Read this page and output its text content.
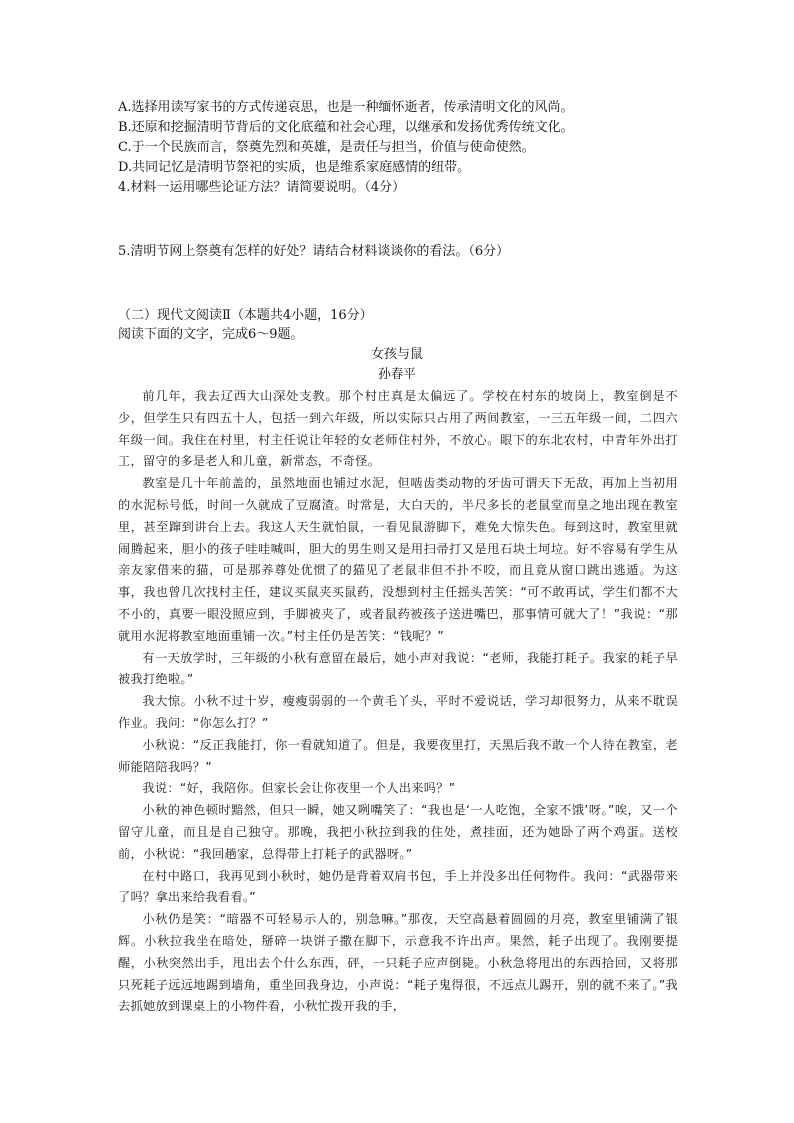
A.选择用读写家书的方式传递哀思，也是一种缅怀逝者，传承清明文化的风尚。
B.还原和挖掘清明节背后的文化底蕴和社会心理，以继承和发扬优秀传统文化。
C.于一个民族而言，祭奠先烈和英雄，是责任与担当，价值与使命使然。
D.共同记忆是清明节祭祀的实质，也是维系家庭感情的纽带。
4.材料一运用哪些论证方法？请简要说明。（4分）
5.清明节网上祭奠有怎样的好处？请结合材料谈谈你的看法。（6分）
（二）现代文阅读Ⅱ（本题共4小题，16分）
阅读下面的文字，完成6～9题。
女孩与鼠
孙春平

前几年，我去辽西大山深处支教。那个村庄真是太偏远了。学校在村东的坡岗上，教室倒是不少，但学生只有四五十人，包括一到六年级，所以实际只占用了两间教室，一三五年级一间，二四六年级一间。我住在村里，村主任说让年轻的女老师住村外，不放心。眼下的东北农村，中青年外出打工，留守的多是老人和儿童，新常态，不奇怪。

教室是几十年前盖的，虽然地面也铺过水泥，但啮齿类动物的牙齿可谓天下无敌，再加上当初用的水泥标号低，时间一久就成了豆腐渣。时常是，大白天的，半尺多长的老鼠堂而皇之地出现在教室里，甚至蹿到讲台上去。我这人天生就怕鼠，一看见鼠游脚下，难免大惊失色。每到这时，教室里就闹腾起来，胆小的孩子哇哇喊叫，胆大的男生则又是用扫帚打又是甩石块土坷垃。好不容易有学生从亲友家借来的猫，可是那养尊处优惯了的猫见了老鼠非但不扑不咬，而且竟从窗口跳出逃遁。为这事，我也曾几次找村主任，建议买鼠夹买鼠药，没想到村主任摇头苦笑：“可不敢再试，学生们都不大不小的，真要一眼没照应到，手脚被夹了，或者鼠药被孩子送进嘴巴，那事情可就大了！”我说：“那就用水泥将教室地面重铺一次。”村主任仍是苦笑：“钱呢？”

有一天放学时，三年级的小秋有意留在最后，她小声对我说：“老师，我能打耗子。我家的耗子早被我打绝啦。”

我大惊。小秋不过十岁，瘦瘦弱弱的一个黄毛丫头，平时不爱说话，学习却很努力，从来不耽误作业。我问：“你怎么打？”

小秋说：“反正我能打，你一看就知道了。但是，我要夜里打，天黑后我不敢一个人待在教室，老师能陪陪我吗？”

我说：“好，我陪你。但家长会让你夜里一个人出来吗？”

小秋的神色顿时黯然，但只一瞬，她又咧嘴笑了：“我也是‘一人吃饱，全家不饿’呀。”唉，又一个留守儿童，而且是自己独守。那晚，我把小秋拉到我的住处，煮挂面，还为她卧了两个鸡蛋。送校前，小秋说：“我回趟家，总得带上打耗子的武器呀。”

在村中路口，我再见到小秋时，她仍是背着双肩书包，手上并没多出任何物件。我问：“武器带来了吗？拿出来给我看看。”

小秋仍是笑：“暗器不可轻易示人的，别急嘛。”那夜，天空高悬着圆圆的月亮，教室里铺满了银辉。小秋拉我坐在暗处，掰碎一块饼子撒在脚下，示意我不许出声。果然，耗子出现了。我刚要提醒，小秋突然出手，甩出去个什么东西，砰，一只耗子应声倒毙。小秋急将甩出的东西拾回，又将那只死耗子远远地踢到墙角，重坐回我身边，小声说：“耗子鬼得很，不远点儿踢开，别的就不来了。”我去抓她放到课桌上的小物件看，小秋忙拨开我的手，
